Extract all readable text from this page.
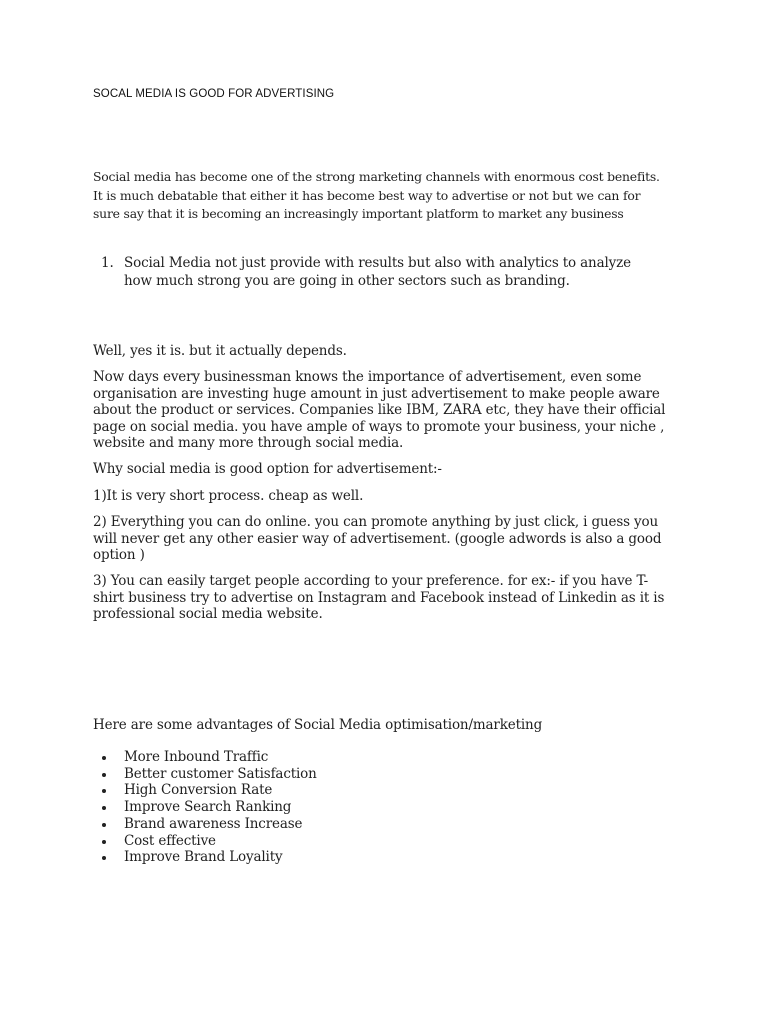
SOCAL MEDIA IS GOOD FOR ADVERTISING

Social media has become one of the strong marketing channels with enormous cost benefits.

It is much debatable that either it has become best way to advertise or not but we can for

sure say that it is becoming an increasingly important platform to market any business

1. Social Media not just provide with results but also with analytics to analyze
how much strong you are going in other sectors such as branding.

Well, yes it is. but it actually depends.

Now days every businessman knows the importance of advertisement, even some
organisation are investing huge amount in just advertisement to make people aware
about the product or services. Companies like IBM, ZARA etc, they have their official
page on social media. you have ample of ways to promote your business, your niche ,
website and many more through social media.

Why social media is good option for advertisement:-

1)It is very short process. cheap as well.

2) Everything you can do online. you can promote anything by just click, i guess you
will never get any other easier way of advertisement. (google adwords is also a good
option )

3) You can easily target people according to your preference. for ex:- if you have T-
shirt business try to advertise on Instagram and Facebook instead of Linkedin as it is
professional social media website.

Here are some advantages of Social Media optimisation/marketing
More Inbound Traffic
Better customer Satisfaction
High Conversion Rate
Improve Search Ranking
Brand awareness Increase
Cost effective
Improve Brand Loyality
